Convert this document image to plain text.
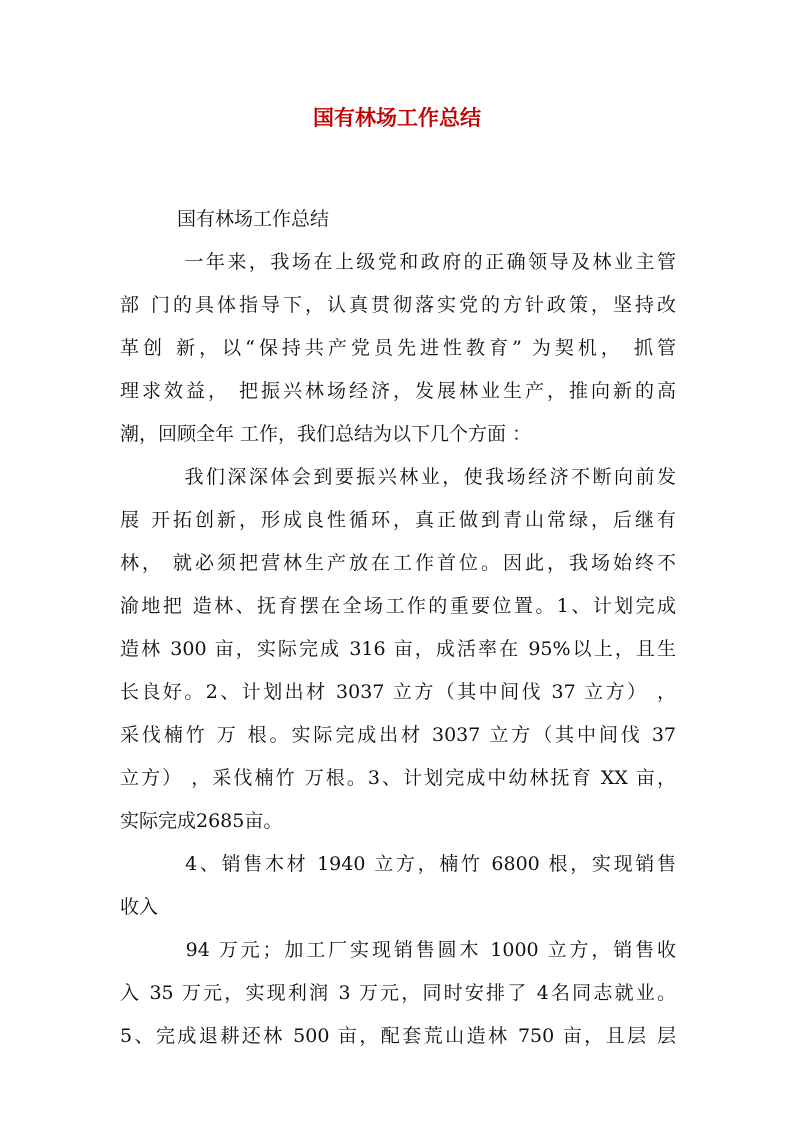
国有林场工作总结
　　　国有林场工作总结
　　　一年来，我场在上级党和政府的正确领导及林业主管
部 门的具体指导下，认真贯彻落实党的方针政策，坚持改
革创 新，以“保持共产党员先进性教育” 为契机， 抓管
理求效益， 把振兴林场经济，发展林业生产，推向新的高
潮，回顾全年 工作，我们总结为以下几个方面 ：
　　　我们深深体会到要振兴林业，使我场经济不断向前发
展 开拓创新，形成良性循环，真正做到青山常绿，后继有
林， 就必须把营林生产放在工作首位。因此，我场始终不
渝地把 造林、抚育摆在全场工作的重要位置。1、计划完成
造林 300 亩，实际完成 316 亩，成活率在 95%以上，且生
长良好。2、计划出材 3037 立方（其中间伐 37 立方） ，
采伐楠竹 万 根。实际完成出材 3037 立方（其中间伐 37
立方） ，采伐楠竹 万根。3、计划完成中幼林抚育 XX 亩，
实际完成2685亩。
　　　4、销售木材 1940 立方，楠竹 6800 根，实现销售
收入
　　　94 万元；加工厂实现销售圆木 1000 立方，销售收
入 35 万元，实现利润 3 万元，同时安排了 4名同志就业。
5、完成退耕还林 500 亩，配套荒山造林 750 亩，且层 层
